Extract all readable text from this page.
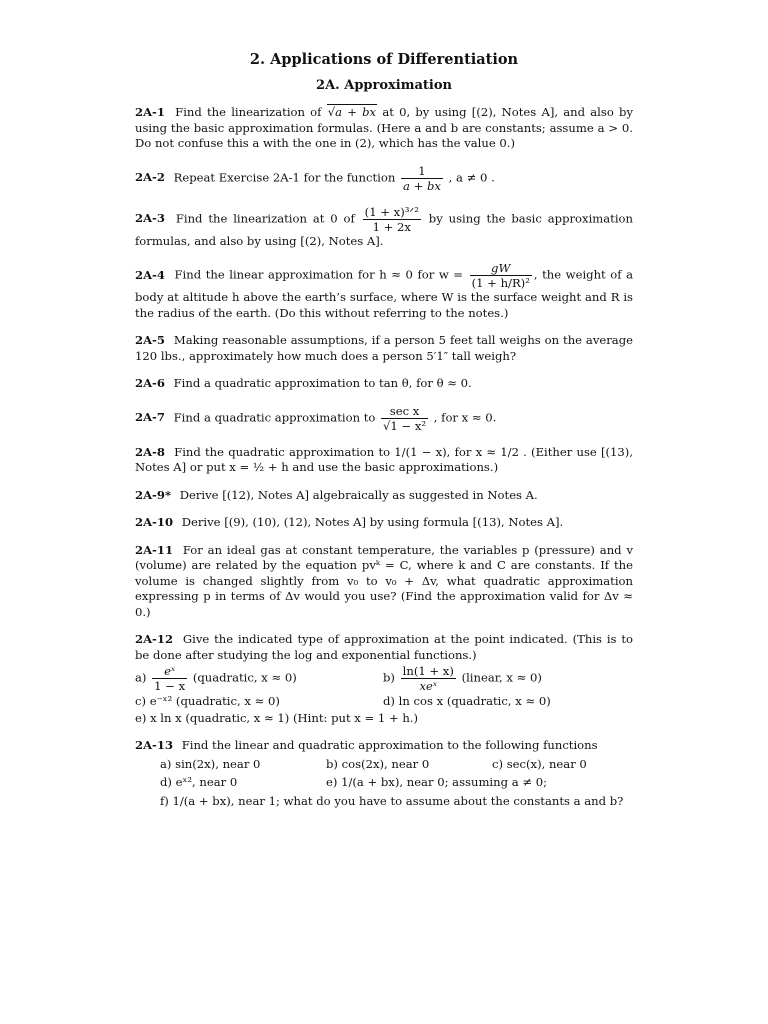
2. Applications of Differentiation
2A. Approximation
2A-1 Find the linearization of √a + bx at 0, by using [(2), Notes A], and also by using the basic approximation formulas. (Here a and b are constants; assume a > 0. Do not confuse this a with the one in (2), which has the value 0.)
2A-2 Repeat Exercise 2A-1 for the function $\frac{1}{a + bx}$ , a ≠ 0 .
2A-3 Find the linearization at 0 of $\frac{\text{(1 + x)³ᐟ²}}{1 + 2x}$ by using the basic approximation formulas, and also by using [(2), Notes A].
2A-4 Find the linear approximation for h ≈ 0 for $w = \frac{gW}{\text{(1 + h/R)²}}$ , the weight of a body at altitude h above the earth’s surface, where W is the surface weight and R is the radius of the earth. (Do this without referring to the notes.)
2A-5 Making reasonable assumptions, if a person 5 feet tall weighs on the average 120 lbs., approximately how much does a person 5′1″ tall weigh?
2A-6 Find a quadratic approximation to tan θ, for θ ≈ 0.
2A-7 Find a quadratic approximation to $\frac{\text{sec x}}{\text{√1 − x²}}$ , for x ≈ 0.
2A-8 Find the quadratic approximation to 1/(1 − x), for x ≈ 1/2 . (Either use [(13), Notes A] or put x = ½ + h and use the basic approximations.)
2A-9* Derive [(12), Notes A] algebraically as suggested in Notes A.
2A-10 Derive [(9), (10), (12), Notes A] by using formula [(13), Notes A].
2A-11 For an ideal gas at constant temperature, the variables p (pressure) and v (volume) are related by the equation pvᵏ = C, where k and C are constants. If the volume is changed slightly from v₀ to v₀ + Δv, what quadratic approximation expressing p in terms of Δv would you use? (Find the approximation valid for Δv ≈ 0.)
2A-12 Give the indicated type of approximation at the point indicated. (This is to be done after studying the log and exponential functions.)
$a) \frac{\text{eˣ}}{1 - x}$ (quadratic, x ≈ 0)	$b) \frac{\ln(1 + x)}{\text{xeˣ}}$ (linear, x ≈ 0)
c) e⁻ˣ² (quadratic, x ≈ 0)	d) ln cos x (quadratic, x ≈ 0)
e) x ln x (quadratic, x ≈ 1) (Hint: put x = 1 + h.)
2A-13 Find the linear and quadratic approximation to the following functions
a) sin(2x), near 0	b) cos(2x), near 0	c) sec(x), near 0
d) eˣ², near 0	e) 1/(a + bx), near 0; assuming a ≠ 0;
f) 1/(a + bx), near 1; what do you have to assume about the constants a and b?
